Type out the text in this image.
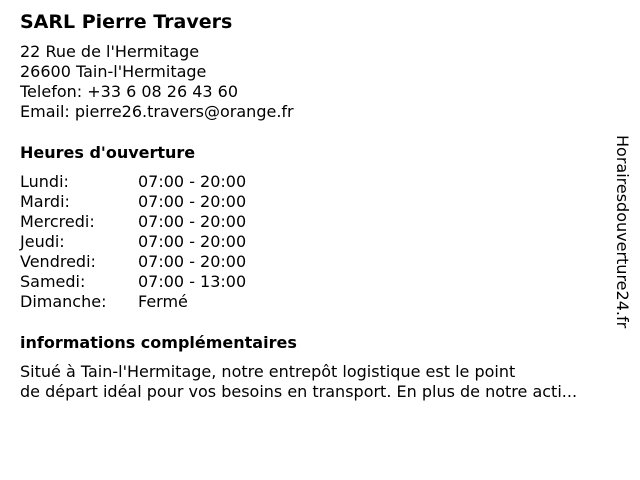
SARL Pierre Travers
22 Rue de l'Hermitage
26600 Tain-l'Hermitage
Telefon: +33 6 08 26 43 60
Email: pierre26.travers@orange.fr
Heures d'ouverture
Lundi:	07:00 - 20:00
Mardi:	07:00 - 20:00
Mercredi:	07:00 - 20:00
Jeudi:	07:00 - 20:00
Vendredi:	07:00 - 20:00
Samedi:	07:00 - 13:00
Dimanche:	Fermé
informations complémentaires
Situé à Tain-l'Hermitage, notre entrepôt logistique est le point
de départ idéal pour vos besoins en transport. En plus de notre acti...
Horairesdouverture24.fr
